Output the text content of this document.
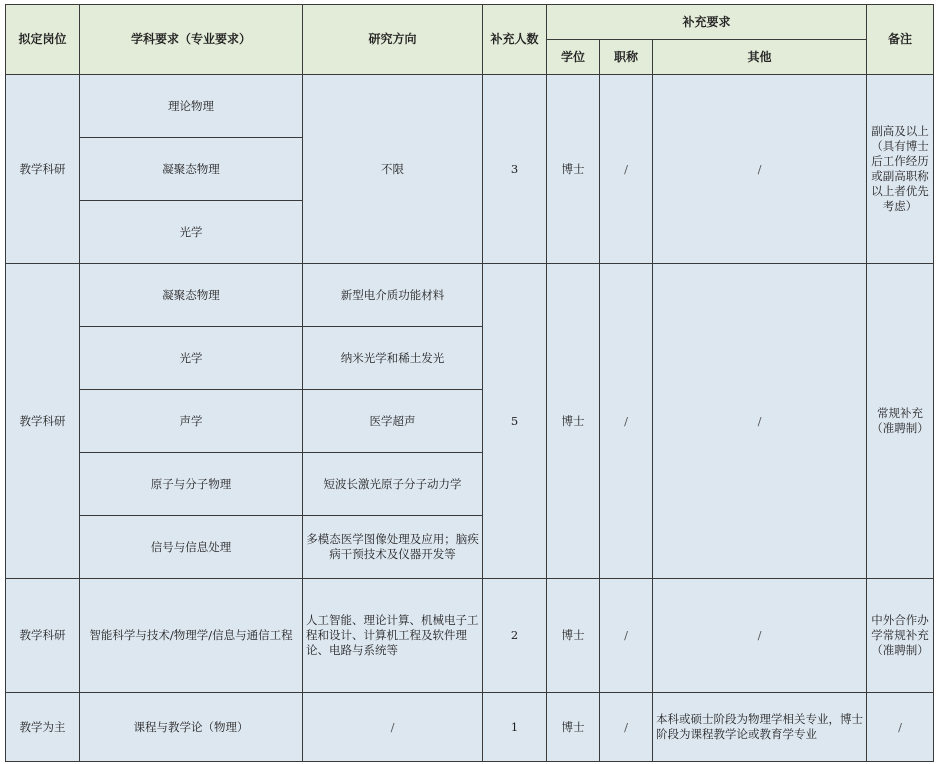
拟定岗位	学科要求（专业要求）	研究方向	补充人数	补充要求			备注
				学位	职称	其他	
教学科研	理论物理	不限	3	博士	/	/	副高及以上（具有博士后工作经历或副高职称以上者优先考虑）
	凝聚态物理						
	光学						
教学科研	凝聚态物理	新型电介质功能材料	5	博士	/	/	常规补充（准聘制）
	光学	纳米光学和稀土发光					
	声学	医学超声					
	原子与分子物理	短波长激光原子分子动力学					
	信号与信息处理	多模态医学图像处理及应用；脑疾病干预技术及仪器开发等					
教学科研	智能科学与技术/物理学/信息与通信工程	人工智能、理论计算、机械电子工程和设计、计算机工程及软件理论、电路与系统等	2	博士	/	/	中外合作办学常规补充（准聘制）
教学为主	课程与教学论（物理）	/	1	博士	/	本科或硕士阶段为物理学相关专业，博士阶段为课程教学论或教育学专业	/
